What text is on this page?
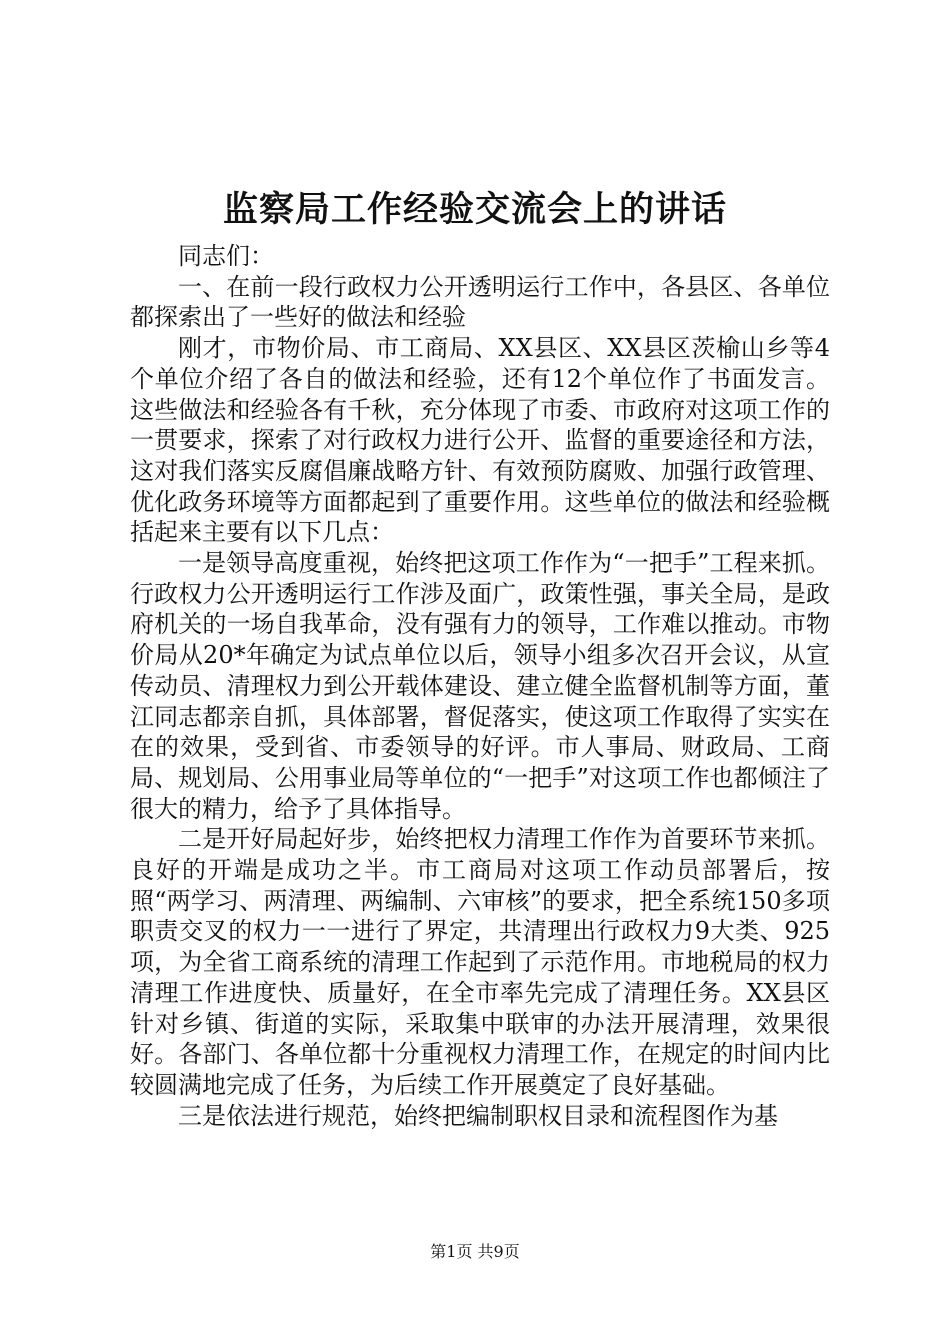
监察局工作经验交流会上的讲话

同志们：

一、在前一段行政权力公开透明运行工作中，各县区、各单位都探索出了一些好的做法和经验

刚才，市物价局、市工商局、XX县区、XX县区茨榆山乡等4个单位介绍了各自的做法和经验，还有12个单位作了书面发言。这些做法和经验各有千秋，充分体现了市委、市政府对这项工作的一贯要求，探索了对行政权力进行公开、监督的重要途径和方法，这对我们落实反腐倡廉战略方针、有效预防腐败、加强行政管理、优化政务环境等方面都起到了重要作用。这些单位的做法和经验概括起来主要有以下几点：

一是领导高度重视，始终把这项工作作为“一把手”工程来抓。行政权力公开透明运行工作涉及面广，政策性强，事关全局，是政府机关的一场自我革命，没有强有力的领导，工作难以推动。市物价局从20*年确定为试点单位以后，领导小组多次召开会议，从宣传动员、清理权力到公开载体建设、建立健全监督机制等方面，董江同志都亲自抓，具体部署，督促落实，使这项工作取得了实实在在的效果，受到省、市委领导的好评。市人事局、财政局、工商局、规划局、公用事业局等单位的“一把手”对这项工作也都倾注了很大的精力，给予了具体指导。

二是开好局起好步，始终把权力清理工作作为首要环节来抓。良好的开端是成功之半。市工商局对这项工作动员部署后，按照“两学习、两清理、两编制、六审核”的要求，把全系统150多项职责交叉的权力一一进行了界定，共清理出行政权力9大类、925项，为全省工商系统的清理工作起到了示范作用。市地税局的权力清理工作进度快、质量好，在全市率先完成了清理任务。XX县区针对乡镇、街道的实际，采取集中联审的办法开展清理，效果很好。各部门、各单位都十分重视权力清理工作，在规定的时间内比较圆满地完成了任务，为后续工作开展奠定了良好基础。

三是依法进行规范，始终把编制职权目录和流程图作为基

第1页 共9页
